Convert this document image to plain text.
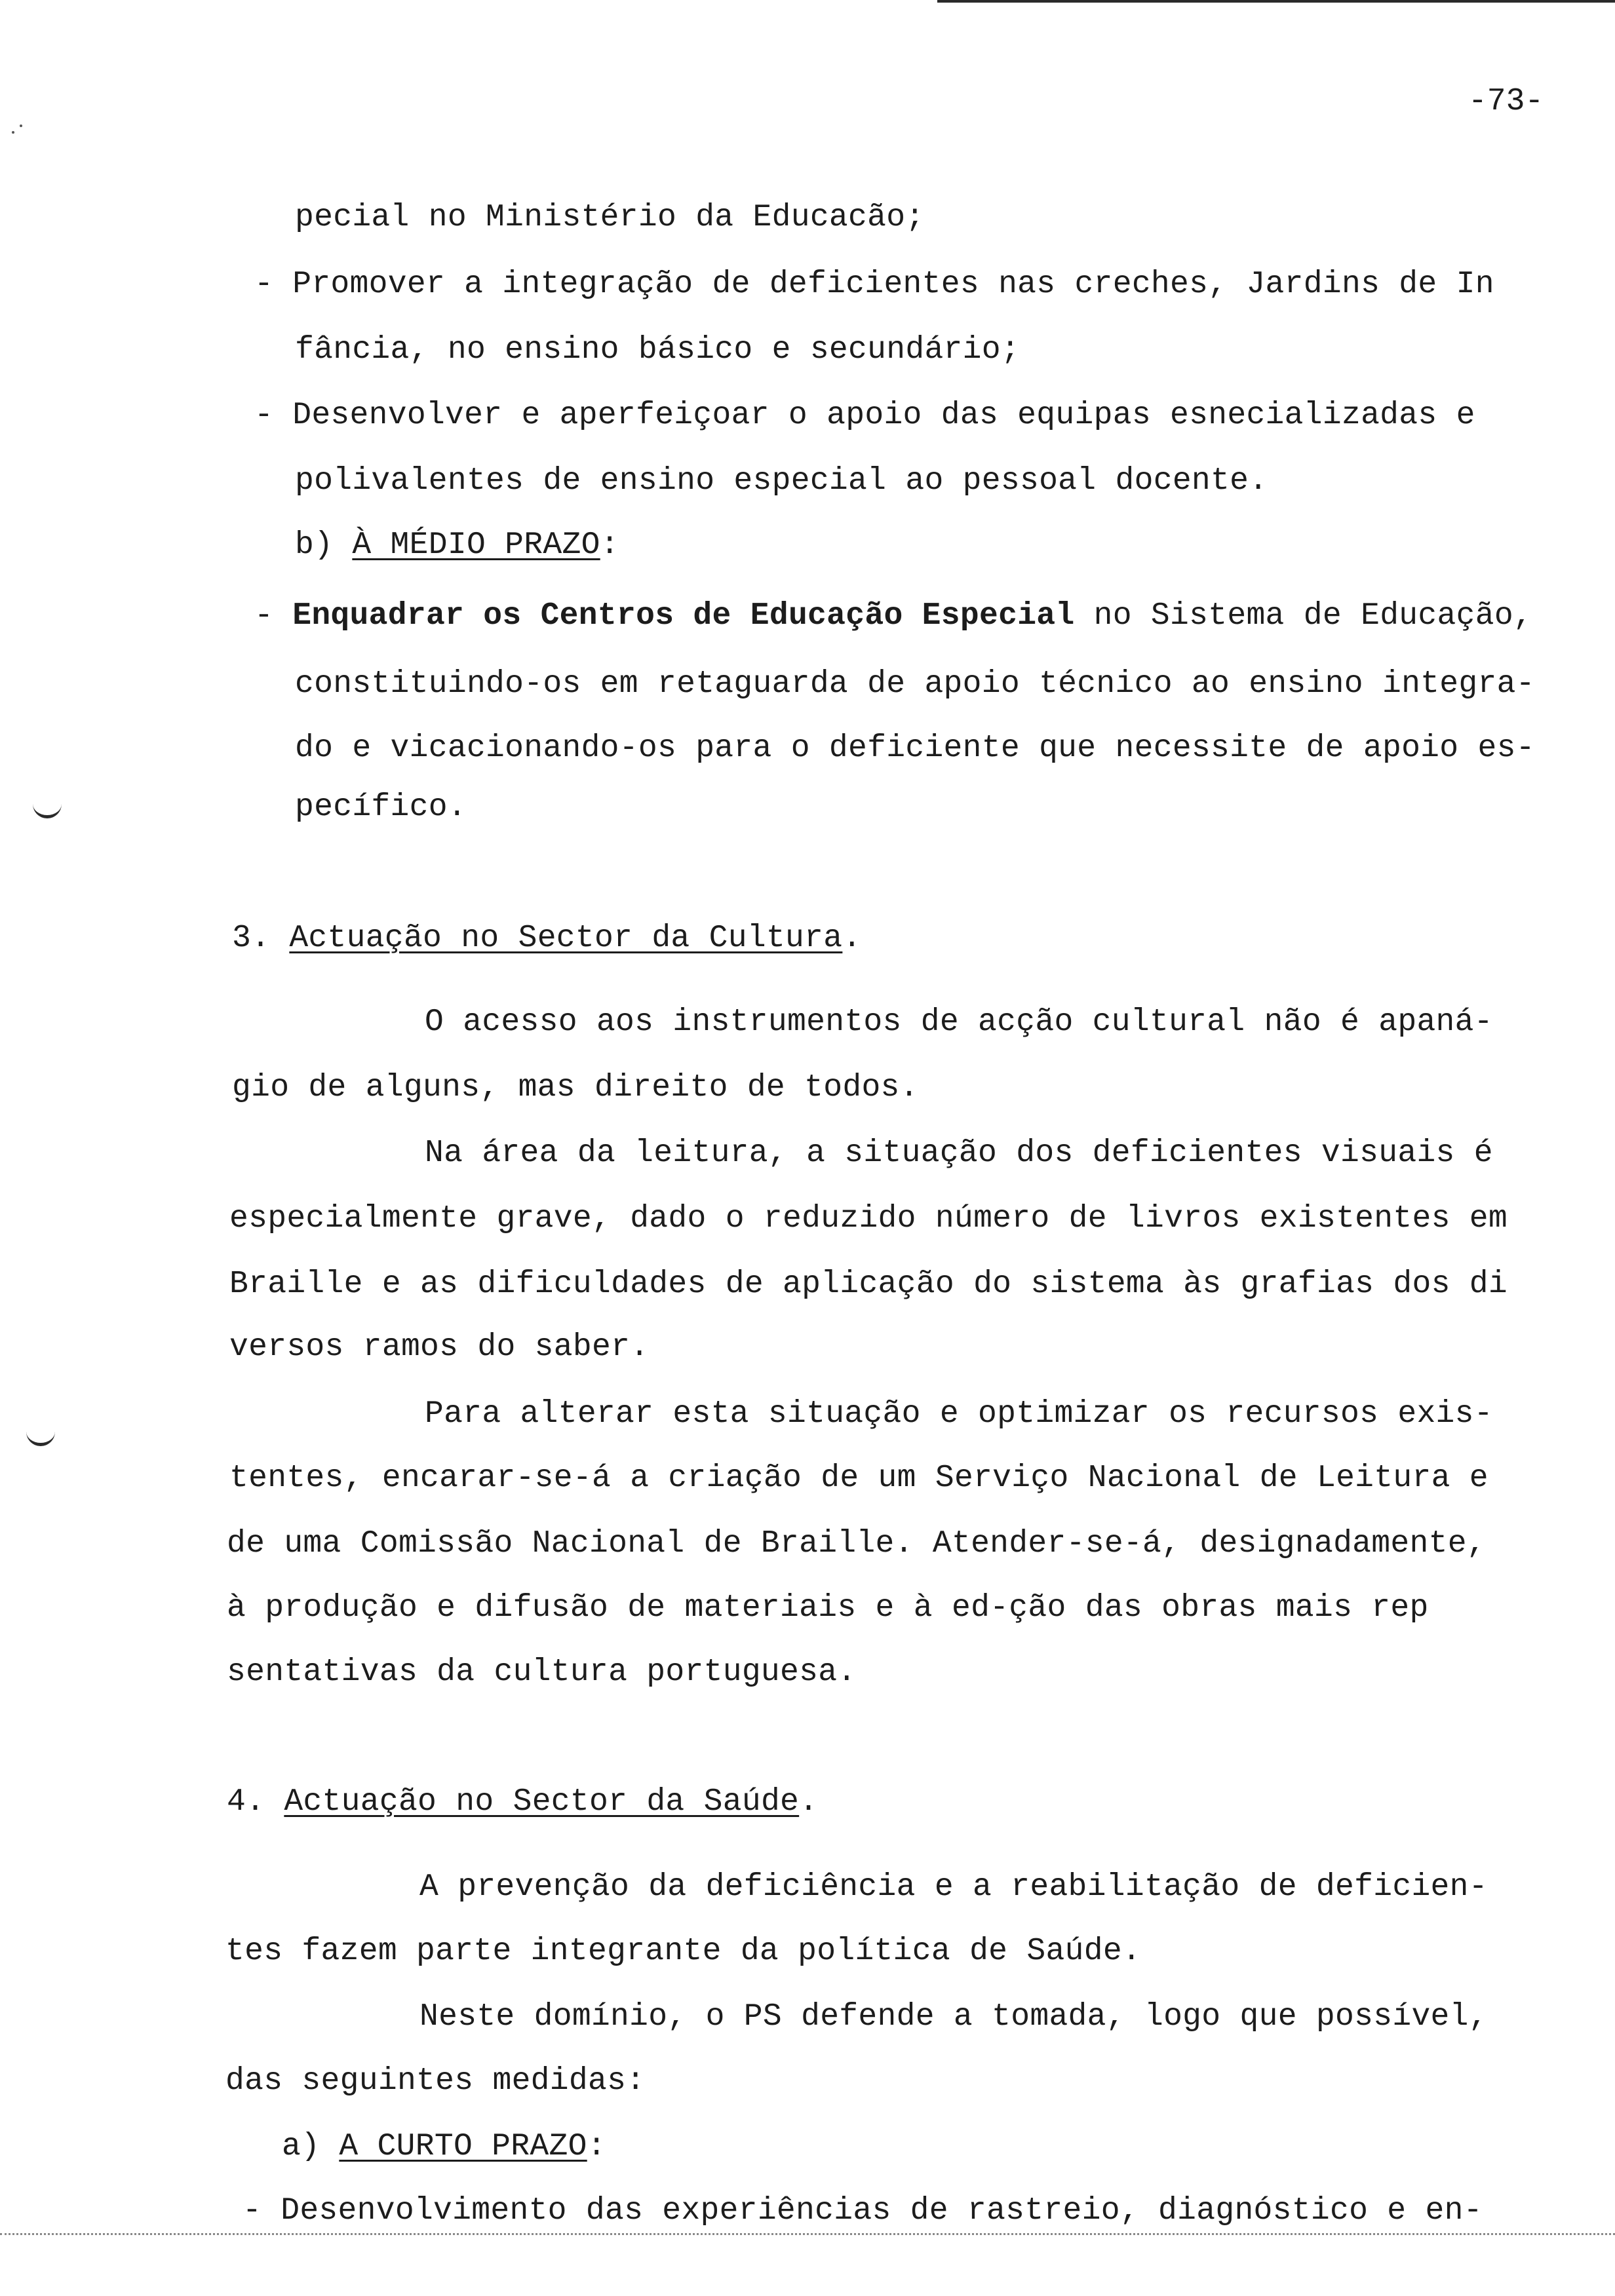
-73-
pecial no Ministério da Educacão;
- Promover a integração de deficientes nas creches, Jardins de In
fância, no ensino básico e secundário;
- Desenvolver e aperfeiçoar o apoio das equipas esnecializadas e
polivalentes de ensino especial ao pessoal docente.
b) À MÉDIO PRAZO:
- Enquadrar os Centros de Educação Especial no Sistema de Educação,
constituindo-os em retaguarda de apoio técnico ao ensino integra-
do e vicacionando-os para o deficiente que necessite de apoio es-
pecífico.
3. Actuação no Sector da Cultura.
O acesso aos instrumentos de acção cultural não é apaná-
gio de alguns, mas direito de todos.
Na área da leitura, a situação dos deficientes visuais é
especialmente grave, dado o reduzido número de livros existentes em
Braille e as dificuldades de aplicação do sistema às grafias dos di
versos ramos do saber.
Para alterar esta situação e optimizar os recursos exis-
tentes, encarar-se-á a criação de um Serviço Nacional de Leitura e
de uma Comissão Nacional de Braille. Atender-se-á, designadamente,
à produção e difusão de materiais e à ed-ção das obras mais rep
sentativas da cultura portuguesa.
4. Actuação no Sector da Saúde.
A prevenção da deficiência e a reabilitação de deficien-
tes fazem parte integrante da política de Saúde.
Neste domínio, o PS defende a tomada, logo que possível,
das seguintes medidas:
a) A CURTO PRAZO:
- Desenvolvimento das experiências de rastreio, diagnóstico e en-
